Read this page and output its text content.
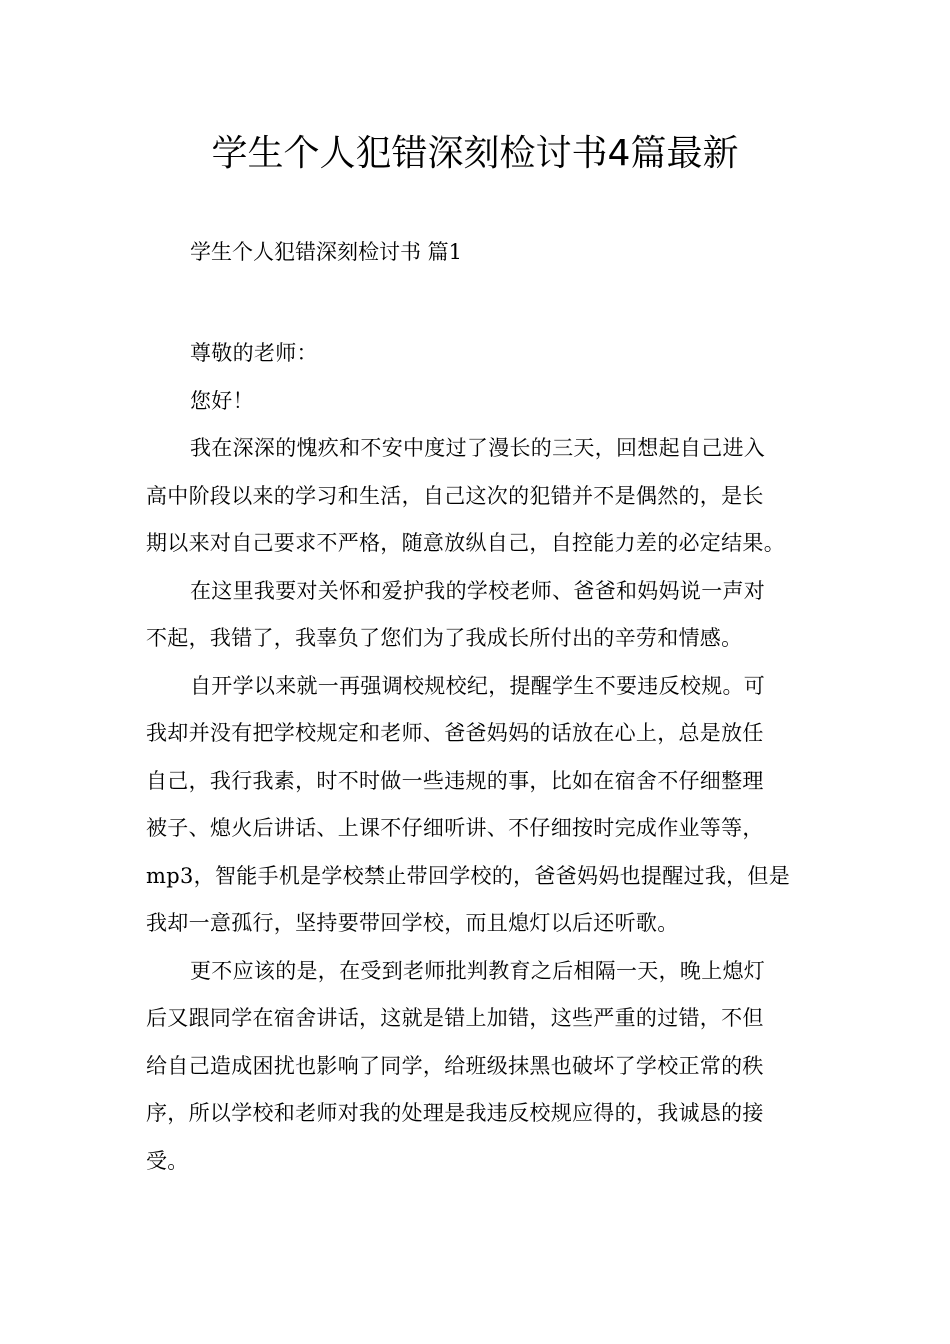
学生个人犯错深刻检讨书4篇最新
学生个人犯错深刻检讨书 篇1

尊敬的老师：

您好！

我在深深的愧疚和不安中度过了漫长的三天，回想起自己进入
高中阶段以来的学习和生活，自己这次的犯错并不是偶然的，是长
期以来对自己要求不严格，随意放纵自己，自控能力差的必定结果。

在这里我要对关怀和爱护我的学校老师、爸爸和妈妈说一声对
不起，我错了，我辜负了您们为了我成长所付出的辛劳和情感。

自开学以来就一再强调校规校纪，提醒学生不要违反校规。可
我却并没有把学校规定和老师、爸爸妈妈的话放在心上，总是放任
自己，我行我素，时不时做一些违规的事，比如在宿舍不仔细整理
被子、熄火后讲话、上课不仔细听讲、不仔细按时完成作业等等，
mp3，智能手机是学校禁止带回学校的，爸爸妈妈也提醒过我，但是
我却一意孤行，坚持要带回学校，而且熄灯以后还听歌。

更不应该的是，在受到老师批判教育之后相隔一天，晚上熄灯
后又跟同学在宿舍讲话，这就是错上加错，这些严重的过错，不但
给自己造成困扰也影响了同学，给班级抹黑也破坏了学校正常的秩
序，所以学校和老师对我的处理是我违反校规应得的，我诚恳的接
受。
